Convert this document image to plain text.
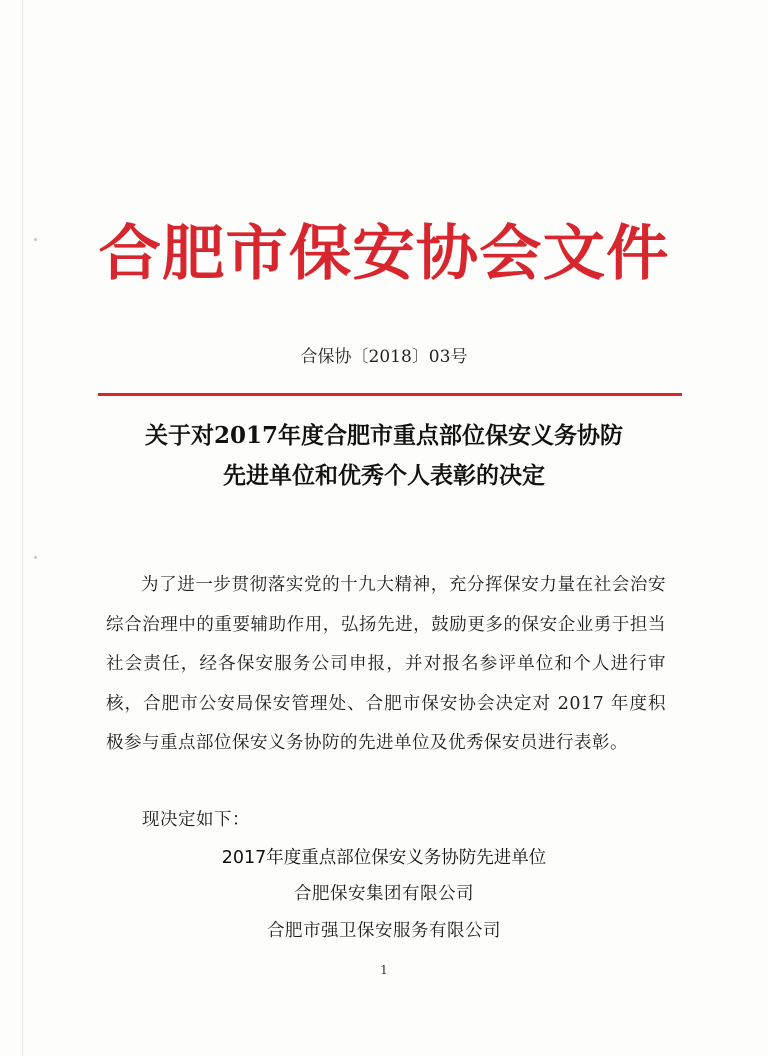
合肥市保安协会文件
合保协〔2018〕03号
关于对2017年度合肥市重点部位保安义务协防
先进单位和优秀个人表彰的决定
为了进一步贯彻落实党的十九大精神，充分挥保安力量在社会治安综合治理中的重要辅助作用，弘扬先进，鼓励更多的保安企业勇于担当社会责任，经各保安服务公司申报，并对报名参评单位和个人进行审核，合肥市公安局保安管理处、合肥市保安协会决定对 2017 年度积极参与重点部位保安义务协防的先进单位及优秀保安员进行表彰。
现决定如下：
2017年度重点部位保安义务协防先进单位
合肥保安集团有限公司
合肥市强卫保安服务有限公司
1
